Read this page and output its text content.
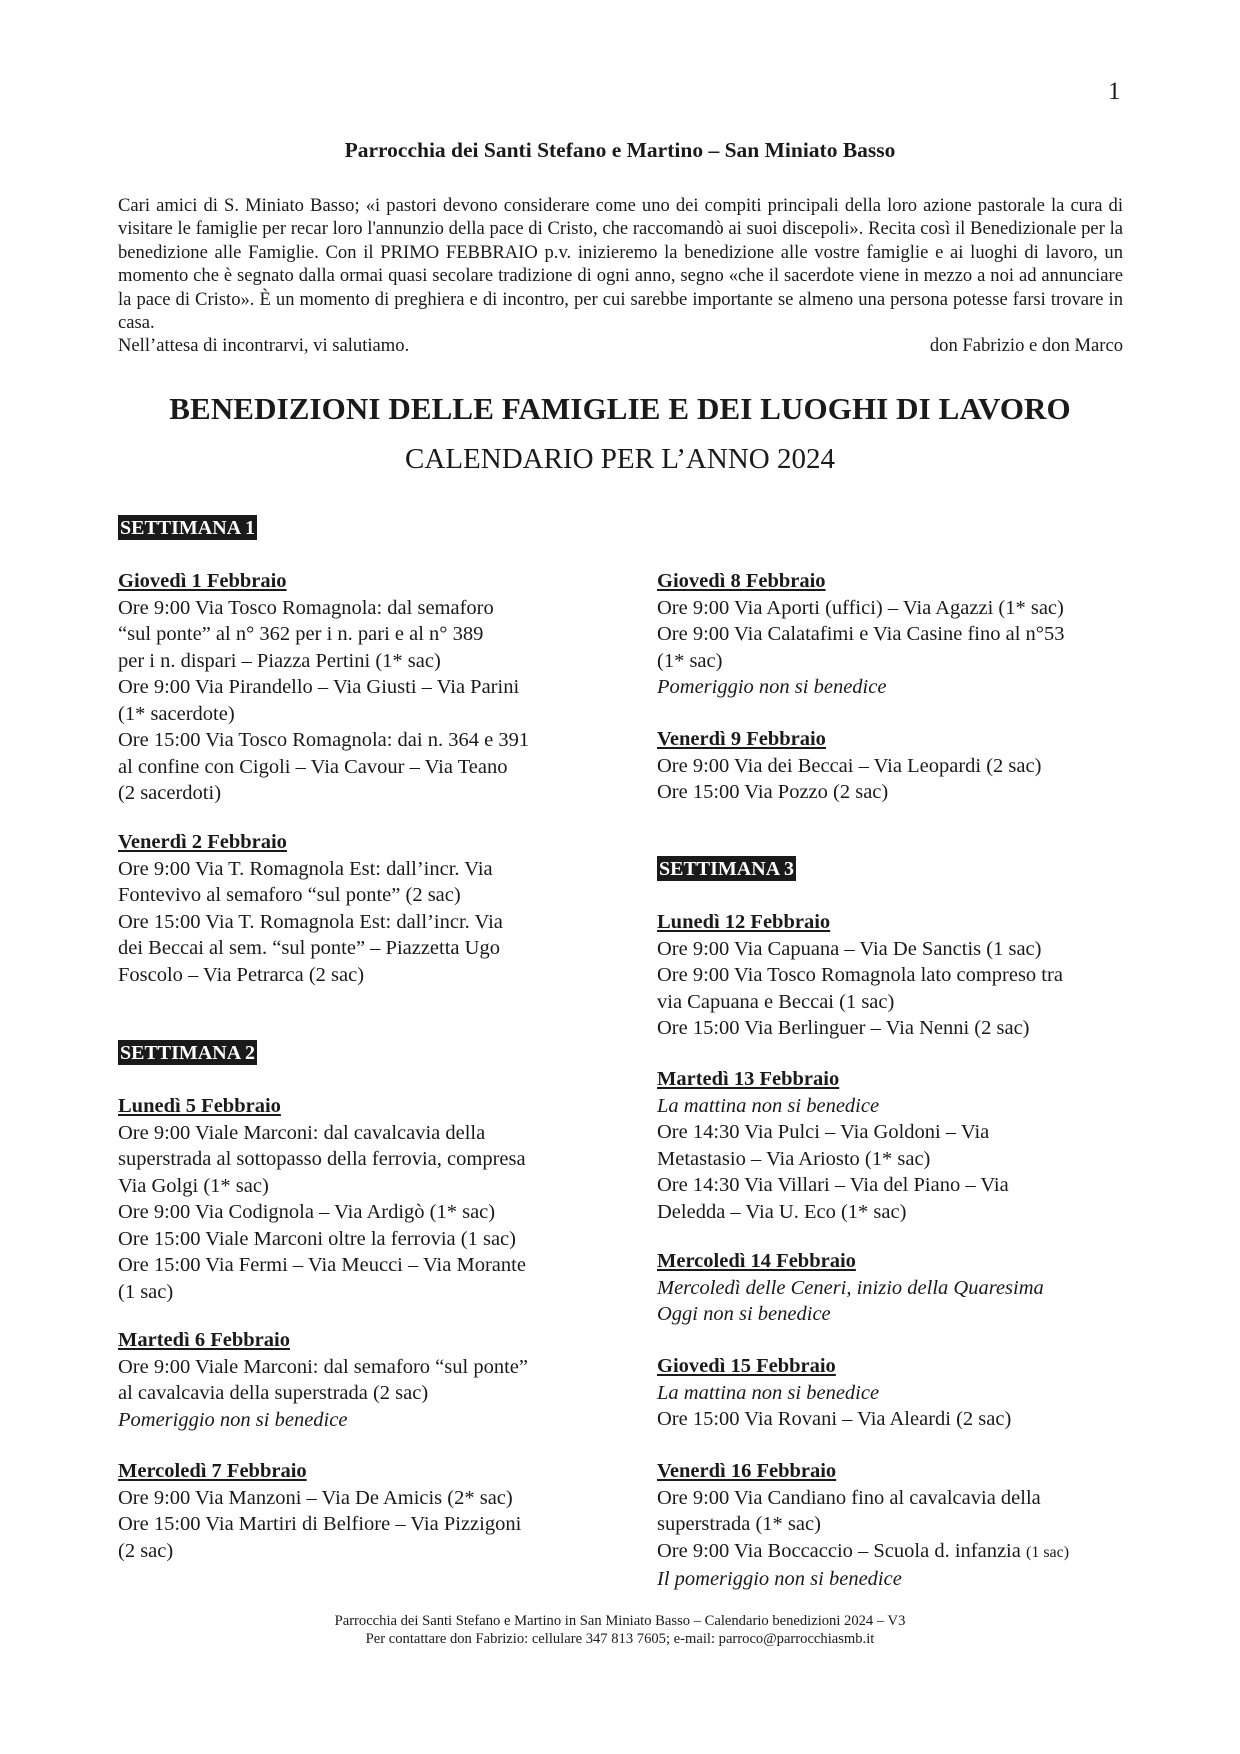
1
Parrocchia dei Santi Stefano e Martino – San Miniato Basso

Cari amici di S. Miniato Basso; «i pastori devono considerare come uno dei compiti principali della loro azione pastorale la cura di visitare le famiglie per recar loro l'annunzio della pace di Cristo, che raccomandò ai suoi discepoli». Recita così il Benedizionale per la benedizione alle Famiglie. Con il PRIMO FEBBRAIO p.v. inizieremo la benedizione alle vostre famiglie e ai luoghi di lavoro, un momento che è segnato dalla ormai quasi secolare tradizione di ogni anno, segno «che il sacerdote viene in mezzo a noi ad annunciare la pace di Cristo». È un momento di preghiera e di incontro, per cui sarebbe importante se almeno una persona potesse farsi trovare in casa.

Nell’attesa di incontrarvi, vi salutiamo.	don Fabrizio e don Marco
BENEDIZIONI DELLE FAMIGLIE E DEI LUOGHI DI LAVORO
CALENDARIO PER L’ANNO 2024
SETTIMANA 1
Giovedì 1 Febbraio
Ore 9:00 Via Tosco Romagnola: dal semaforo
“sul ponte” al n° 362 per i n. pari e al n° 389
per i n. dispari – Piazza Pertini (1* sac)
Ore 9:00 Via Pirandello – Via Giusti – Via Parini
(1* sacerdote)
Ore 15:00 Via Tosco Romagnola: dai n. 364 e 391
al confine con Cigoli – Via Cavour – Via Teano
(2 sacerdoti)
Venerdì 2 Febbraio
Ore 9:00 Via T. Romagnola Est: dall’incr. Via
Fontevivo al semaforo “sul ponte” (2 sac)
Ore 15:00 Via T. Romagnola Est: dall’incr. Via
dei Beccai al sem. “sul ponte” – Piazzetta Ugo
Foscolo – Via Petrarca (2 sac)
SETTIMANA 2
Lunedì 5 Febbraio
Ore 9:00 Viale Marconi: dal cavalcavia della
superstrada al sottopasso della ferrovia, compresa
Via Golgi (1* sac)
Ore 9:00 Via Codignola – Via Ardigò (1* sac)
Ore 15:00 Viale Marconi oltre la ferrovia (1 sac)
Ore 15:00 Via Fermi – Via Meucci – Via Morante
(1 sac)
Martedì 6 Febbraio
Ore 9:00 Viale Marconi: dal semaforo “sul ponte”
al cavalcavia della superstrada (2 sac)
Pomeriggio non si benedice
Mercoledì 7 Febbraio
Ore 9:00 Via Manzoni – Via De Amicis (2* sac)
Ore 15:00 Via Martiri di Belfiore – Via Pizzigoni
(2 sac)
Giovedì 8 Febbraio
Ore 9:00 Via Aporti (uffici) – Via Agazzi (1* sac)
Ore 9:00 Via Calatafimi e Via Casine fino al n°53
(1* sac)
Pomeriggio non si benedice
Venerdì 9 Febbraio
Ore 9:00 Via dei Beccai – Via Leopardi (2 sac)
Ore 15:00 Via Pozzo (2 sac)
SETTIMANA 3
Lunedì 12 Febbraio
Ore 9:00 Via Capuana – Via De Sanctis (1 sac)
Ore 9:00 Via Tosco Romagnola lato compreso tra
via Capuana e Beccai (1 sac)
Ore 15:00 Via Berlinguer – Via Nenni (2 sac)
Martedì 13 Febbraio
La mattina non si benedice
Ore 14:30 Via Pulci – Via Goldoni – Via
Metastasio – Via Ariosto (1* sac)
Ore 14:30 Via Villari – Via del Piano – Via
Deledda – Via U. Eco (1* sac)
Mercoledì 14 Febbraio
Mercoledì delle Ceneri, inizio della Quaresima
Oggi non si benedice
Giovedì 15 Febbraio
La mattina non si benedice
Ore 15:00 Via Rovani – Via Aleardi (2 sac)
Venerdì 16 Febbraio
Ore 9:00 Via Candiano fino al cavalcavia della
superstrada (1* sac)
Ore 9:00 Via Boccaccio – Scuola d. infanzia (1 sac)
Il pomeriggio non si benedice
Parrocchia dei Santi Stefano e Martino in San Miniato Basso – Calendario benedizioni 2024 – V3
Per contattare don Fabrizio: cellulare 347 813 7605; e-mail: parroco@parrocchiasmb.it
